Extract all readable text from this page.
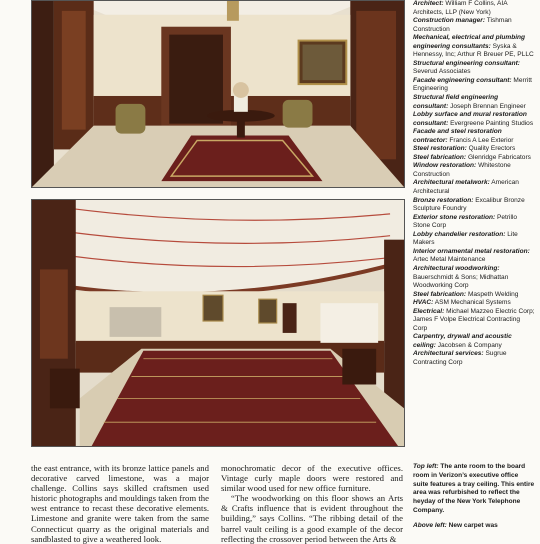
Architect: William F Collins, AIA Architects, LLP (New York)
Construction manager: Tishman Construction
Mechanical, electrical and plumbing engineering consultants: Syska & Hennessy, Inc; Arthur R Breuer PE, PLLC
Structural engineering consultant: Severud Associates
Facade engineering consultant: Merritt Engineering
Structural field engineering consultant: Joseph Brennan Engineer
Lobby surface and mural restoration consultant: Evergreene Painting Studios
Facade and steel restoration contractor: Francis A Lee Exterior
Steel restoration: Quality Erectors
Steel fabrication: Glenridge Fabricators
Window restoration: Whitestone Construction
Architectural metalwork: American Architectural
Bronze restoration: Excalibur Bronze Sculpture Foundry
Exterior stone restoration: Petrillo Stone Corp
Lobby chandelier restoration: Lite Makers
Interior ornamental metal restoration: Artec Metal Maintenance
Architectural woodworking: Bauerschmidt & Sons; Midhattan Woodworking Corp
Steel fabrication: Maspeth Welding
HVAC: ASM Mechanical Systems
Electrical: Michael Mazzeo Electric Corp; James F Volpe Electrical Contracting Corp
Carpentry, drywall and acoustic ceiling: Jacobsen & Company
Architectural services: Sugrue Contracting Corp

the east entrance, with its bronze lattice panels and decorative carved limestone, was a major challenge. Collins says skilled craftsmen used historic photographs and mouldings taken from the west entrance to recast these decorative elements. Limestone and granite were taken from the same Connecticut quarry as the original materials and sandblasted to give a weathered look.

monochromatic decor of the executive offices. Vintage curly maple doors were restored and similar wood used for new office furniture.

“The woodworking on this floor shows an Arts & Crafts influence that is evident throughout the building,” says Collins. “The ribbing detail of the barrel vault ceiling is a good example of the decor reflecting the crossover period between the Arts &

Top left: The ante room to the board room in Verizon’s executive office suite features a tray ceiling. This entire area was refurbished to reflect the heyday of the New York Telephone Company.

Above left: New carpet was
